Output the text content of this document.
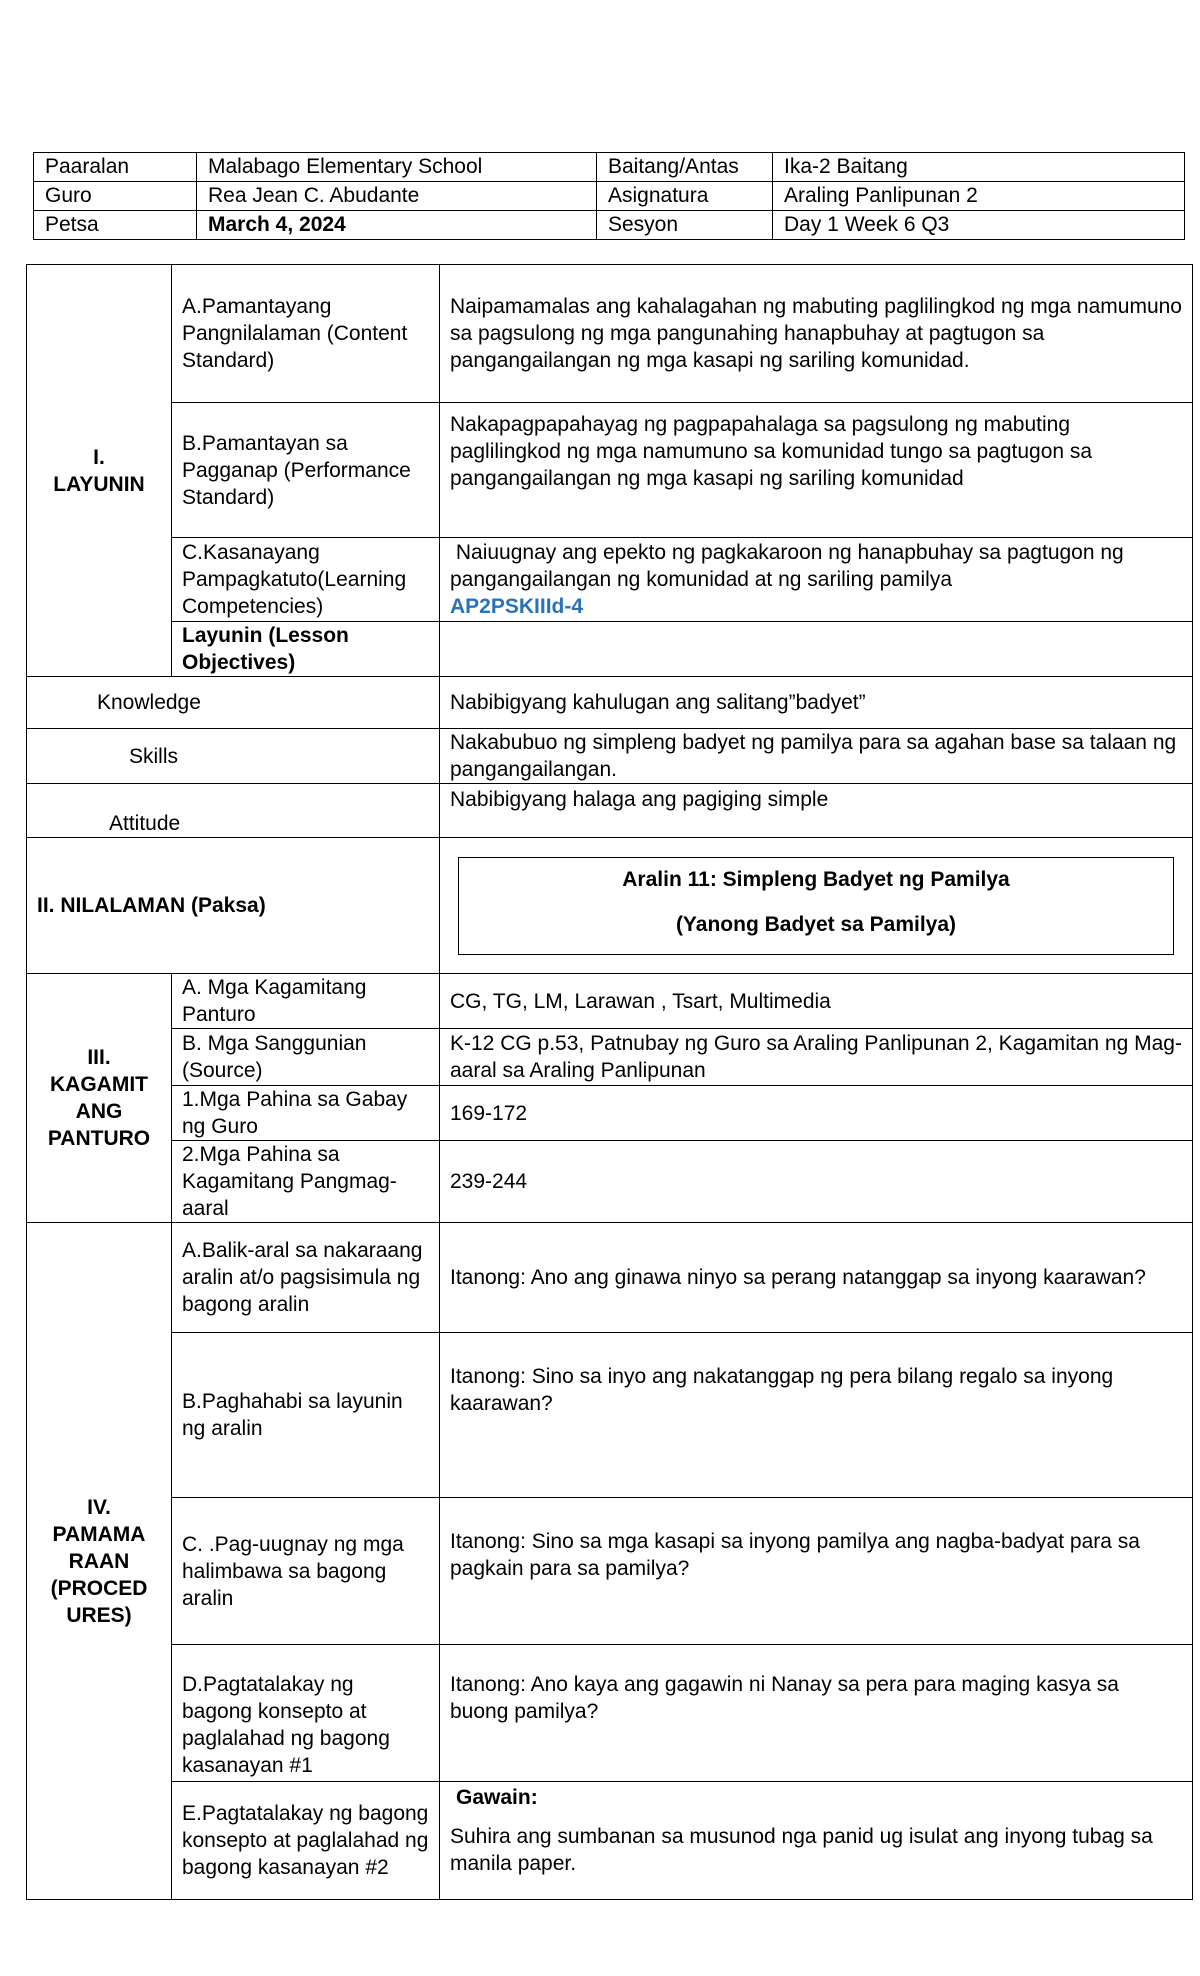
Paaralan	Malabago Elementary School	Baitang/Antas	Ika-2 Baitang
Guro	Rea Jean C. Abudante	Asignatura	Araling Panlipunan 2
Petsa	March 4, 2024	Sesyon	Day 1 Week 6 Q3
I.
LAYUNIN	A.Pamantayang Pangnilalaman (Content Standard)	Naipamamalas ang kahalagahan ng mabuting paglilingkod ng mga namumuno sa pagsulong ng mga pangunahing hanapbuhay at pagtugon sa pangangailangan ng mga kasapi ng sariling komunidad.
	B.Pamantayan sa Pagganap (Performance Standard)	Nakapagpapahayag ng pagpapahalaga sa pagsulong ng mabuting paglilingkod ng mga namumuno sa komunidad tungo sa pagtugon sa pangangailangan ng mga kasapi ng sariling komunidad
	C.Kasanayang Pampagkatuto(Learning Competencies)	Naiuugnay ang epekto ng pagkakaroon ng hanapbuhay sa pagtugon ng pangangailangan ng komunidad at ng sariling pamilya
AP2PSKIIId-4

	Layunin (Lesson Objectives)	
Knowledge		Nabibigyang kahulugan ang salitang”badyet”
Skills		Nakabubuo ng simpleng badyet ng pamilya para sa agahan base sa talaan ng pangangailangan.
Attitude		Nabibigyang halaga ang pagiging simple
II. NILALAMAN (Paksa)		Aralin 11: Simpleng Badyet ng Pamilya
(Yanong Badyet sa Pamilya)

III.
KAGAMIT
ANG
PANTURO	A. Mga Kagamitang Panturo	CG, TG, LM, Larawan , Tsart, Multimedia
	B. Mga Sanggunian (Source)	K-12 CG p.53, Patnubay ng Guro sa Araling Panlipunan 2, Kagamitan ng Mag-aaral sa Araling Panlipunan
	1.Mga Pahina sa Gabay ng Guro	169-172
	2.Mga Pahina sa Kagamitang Pangmag-aaral	239-244
IV.
PAMAMA
RAAN
(PROCED
URES)	A.Balik-aral sa nakaraang aralin at/o pagsisimula ng bagong aralin	Itanong: Ano ang ginawa ninyo sa perang natanggap sa inyong kaarawan?
	B.Paghahabi sa layunin ng aralin	Itanong: Sino sa inyo ang nakatanggap ng pera bilang regalo sa inyong kaarawan?
	C. .Pag-uugnay ng mga halimbawa sa bagong aralin	Itanong: Sino sa mga kasapi sa inyong pamilya ang nagba-badyat para sa pagkain para sa pamilya?
	D.Pagtatalakay ng bagong konsepto at paglalahad ng bagong kasanayan #1	Itanong: Ano kaya ang gagawin ni Nanay sa pera para maging kasya sa buong pamilya?
	E.Pagtatalakay ng bagong konsepto at paglalahad ng bagong kasanayan #2	Gawain:
Suhira ang sumbanan sa musunod nga panid ug isulat ang inyong tubag sa manila paper.
